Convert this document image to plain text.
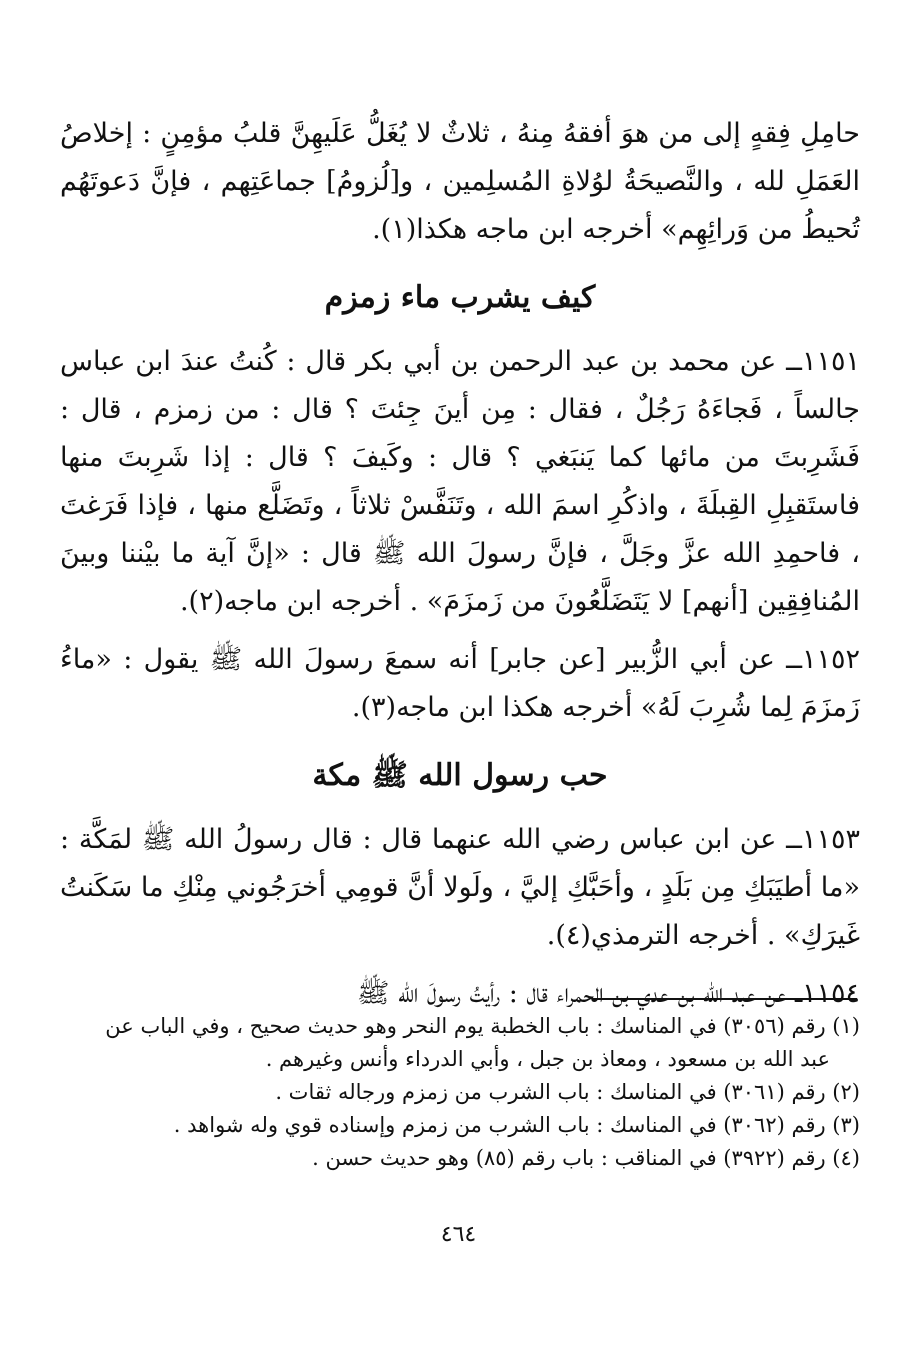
حامِلِ فِقهٍ إلى من هوَ أفقهُ مِنهُ ، ثلاثٌ لا يُغَلُّ عَلَيهِنَّ قلبُ مؤمِنٍ : إخلاصُ العَمَلِ لله ، والنَّصيحَةُ لوُلاةِ المُسلِمين ، و[لُزومُ] جماعَتِهم ، فإنَّ دَعوتَهُم تُحيطُ من وَرائِهِم» أخرجه ابن ماجه هكذا(١).

كيف يشرب ماء زمزم

١١٥١ــ عن محمد بن عبد الرحمن بن أبي بكر قال : كُنتُ عندَ ابن عباس جالساً ، فَجاءَهُ رَجُلٌ ، فقال : مِن أينَ جِئتَ ؟ قال : من زمزم ، قال : فَشَرِبتَ من مائها كما يَنبَغي ؟ قال : وكَيفَ ؟ قال : إذا شَرِبتَ منها فاستَقبِلِ القِبلَةَ ، واذكُرِ اسمَ الله ، وتَنَفَّسْ ثلاثاً ، وتَضَلَّع منها ، فإذا فَرَغتَ ، فاحمِدِ الله عزَّ وجَلَّ ، فإنَّ رسولَ الله ﷺ قال : «إنَّ آية ما بيْننا وبينَ المُنافِقِين [أنهم] لا يَتَضَلَّعُونَ من زَمزَمَ» . أخرجه ابن ماجه(٢).

١١٥٢ــ عن أبي الزُّبير [عن جابر] أنه سمعَ رسولَ الله ﷺ يقول : «ماءُ زَمزَمَ لِما شُرِبَ لَهُ» أخرجه هكذا ابن ماجه(٣).

حب رسول الله ﷺ مكة

١١٥٣ــ عن ابن عباس رضي الله عنهما قال : قال رسولُ الله ﷺ لمَكَّة : «ما أطيَبَكِ مِن بَلَدٍ ، وأحَبَّكِ إليَّ ، ولَولا أنَّ قومِي أخرَجُوني مِنْكِ ما سَكَنتُ غَيرَكِ» . أخرجه الترمذي(٤).

١١٥٤ــ عن عبد الله بن عدي بن الحمراء قال : رأيتُ رسولَ الله ﷺ

(١) رقم (٣٠٥٦) في المناسك : باب الخطبة يوم النحر وهو حديث صحيح ، وفي الباب عن

عبد الله بن مسعود ، ومعاذ بن جبل ، وأبي الدرداء وأنس وغيرهم .

(٢) رقم (٣٠٦١) في المناسك : باب الشرب من زمزم ورجاله ثقات .

(٣) رقم (٣٠٦٢) في المناسك : باب الشرب من زمزم وإسناده قوي وله شواهد .

(٤) رقم (٣٩٢٢) في المناقب : باب رقم (٨٥) وهو حديث حسن .

٤٦٤
